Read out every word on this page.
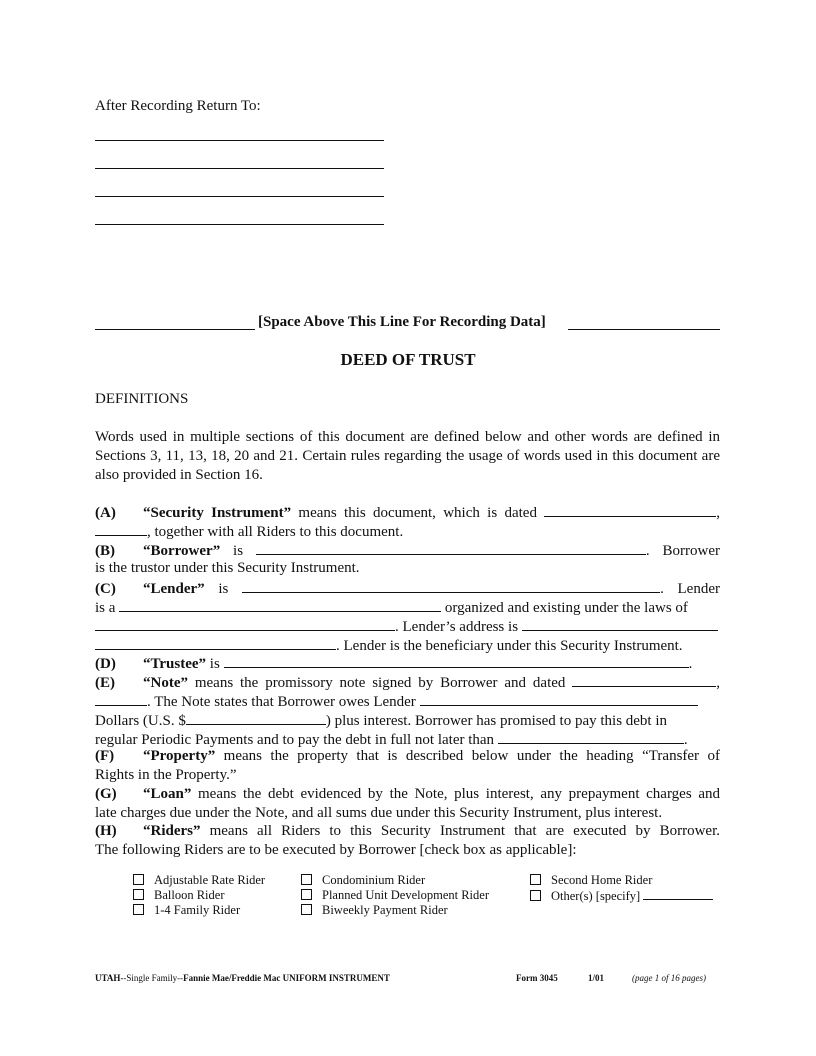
After Recording Return To:
[Space Above This Line For Recording Data]
DEED OF TRUST
DEFINITIONS
Words used in multiple sections of this document are defined below and other words are defined in Sections 3, 11, 13, 18, 20 and 21. Certain rules regarding the usage of words used in this document are also provided in Section 16.
(A) “Security Instrument” means this document, which is dated	,
, together with all Riders to this document.
(B) “Borrower” is	. Borrower
is the trustor under this Security Instrument.
(C) “Lender” is	. Lender
is a	organized and existing under the laws of
. Lender’s address is
. Lender is the beneficiary under this Security Instrument.
(D) “Trustee” is	.
(E) “Note” means the promissory note signed by Borrower and dated	,
. The Note states that Borrower owes Lender
Dollars (U.S. $	) plus interest. Borrower has promised to pay this debt in
regular Periodic Payments and to pay the debt in full not later than	.
(F) “Property” means the property that is described below under the heading “Transfer of
Rights in the Property.”
(G) “Loan” means the debt evidenced by the Note, plus interest, any prepayment charges and
late charges due under the Note, and all sums due under this Security Instrument, plus interest.
(H) “Riders” means all Riders to this Security Instrument that are executed by Borrower.
The following Riders are to be executed by Borrower [check box as applicable]:
Adjustable Rate Rider
Balloon Rider
1-4 Family Rider
Condominium Rider
Planned Unit Development Rider
Biweekly Payment Rider
Second Home Rider
Other(s) [specify]
UTAH--Single Family--Fannie Mae/Freddie Mac UNIFORM INSTRUMENT	Form 3045	1/01	(page 1 of 16 pages)
